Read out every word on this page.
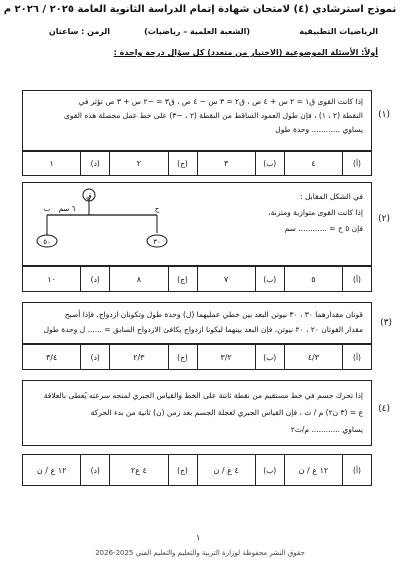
نموذج استرشادي (٤) لامتحان شهادة إتمام الدراسة الثانوية العامة ٢٠٢٥ / ٢٠٢٦ م
الرياضيات التطبيقية
(الشعبة العلمية – رياضيات)
الزمن : ساعتان
أولاً: الأسئلة الموضوعية (الاختيار من متعدد) كل سؤال درجة واحدة :
إذا كانت القوى ق١ = ٢ س + ٤ ص ، ق٢ = ٣ س − ٤ ص ، ق٣ = −٢ س + ٣ ص تؤثر في
النقطة (٢ ، ١) ، فإن طول العمود الساقط من النقطة (٢ ، −٣) على خط عمل محصلة هذه القوى
يساوي ............ وحدة طول
(١)
(أ)
٤
(ب)
٣
(ج)
٢
(د)
١
في الشكل المقابل :
إذا كانت القوى متوازية ومتزنة،
فإن ٥ ح = ............ سم
ق
٥٠	٣٠
ب	ح
٦ سم
(٢)
(أ)
٥
(ب)
٧
(ج)
٨
(د)
١٠
قوتان مقدارهما ٣٠ ، ٣٠ نيوتن البعد بين خطي عمليهما (ل) وحدة طول وتكونان ازدواج، فإذا أصبح
مقدار القوتان ٢٠ ، ٢٠ نيوتن، فإن البعد بينهما ليكونا ازدواج يكافئ الازدواج السابق = ...... ل وحدة طول
(٣)
(أ)
٤/٣
(ب)
٣/٢
(ج)
٢/٣
(د)
٣/٤
إذا تحرك جسم في خط مستقيم من نقطة ثابتة على الخط والقياس الجبري لمتجه سرعته يُعطى بالعلاقة
ع = (٣ ن٢) م / ث ، فإن القياس الجبري لعجلة الجسم بعد زمن (ن) ثانية من بدء الحركة
يساوي ............ م/ث٢
(٤)
(أ)
١٢ ع / ن
(ب)
٤ ع / ن
(ج)
٤ ع٢
(د)
١٢ ع / ن
١
حقوق النشر محفوظة لوزارة التربية والتعليم والتعليم الفني 2025-2026
